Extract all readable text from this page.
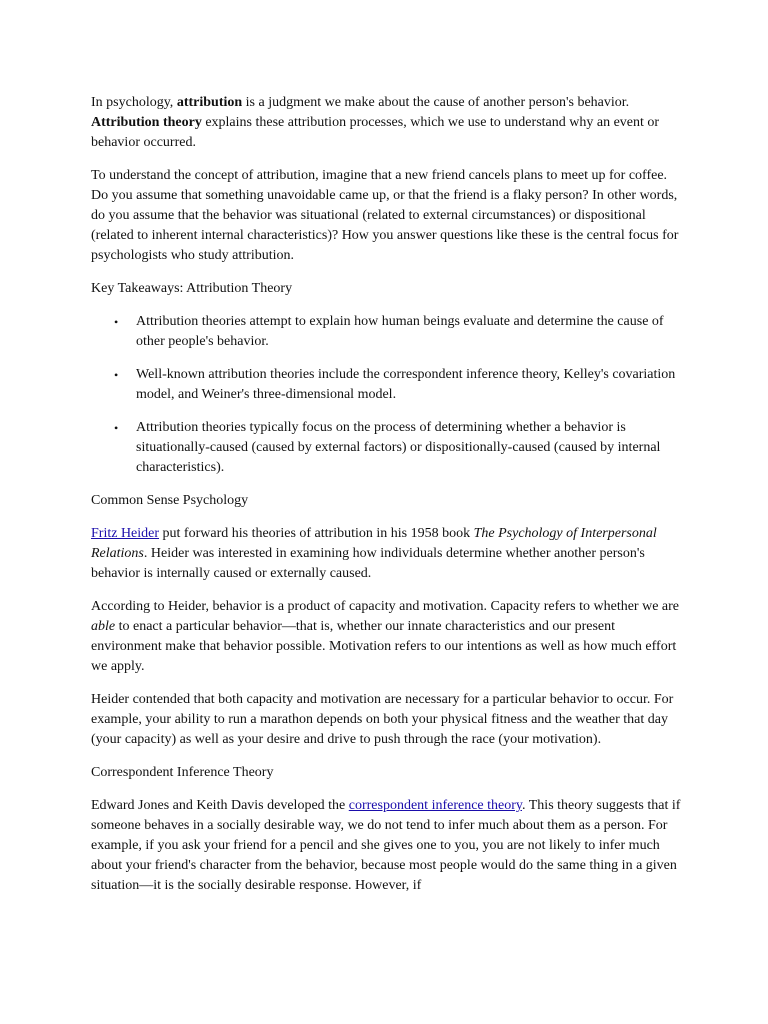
In psychology, attribution is a judgment we make about the cause of another person's behavior. Attribution theory explains these attribution processes, which we use to understand why an event or behavior occurred.

To understand the concept of attribution, imagine that a new friend cancels plans to meet up for coffee. Do you assume that something unavoidable came up, or that the friend is a flaky person? In other words, do you assume that the behavior was situational (related to external circumstances) or dispositional (related to inherent internal characteristics)? How you answer questions like these is the central focus for psychologists who study attribution.

Key Takeaways: Attribution Theory

• Attribution theories attempt to explain how human beings evaluate and determine the cause of other people's behavior.
• Well-known attribution theories include the correspondent inference theory, Kelley's covariation model, and Weiner's three-dimensional model.
• Attribution theories typically focus on the process of determining whether a behavior is situationally-caused (caused by external factors) or dispositionally-caused (caused by internal characteristics).

Common Sense Psychology

Fritz Heider put forward his theories of attribution in his 1958 book The Psychology of Interpersonal Relations. Heider was interested in examining how individuals determine whether another person's behavior is internally caused or externally caused.

According to Heider, behavior is a product of capacity and motivation. Capacity refers to whether we are able to enact a particular behavior—that is, whether our innate characteristics and our present environment make that behavior possible. Motivation refers to our intentions as well as how much effort we apply.

Heider contended that both capacity and motivation are necessary for a particular behavior to occur. For example, your ability to run a marathon depends on both your physical fitness and the weather that day (your capacity) as well as your desire and drive to push through the race (your motivation).

Correspondent Inference Theory

Edward Jones and Keith Davis developed the correspondent inference theory. This theory suggests that if someone behaves in a socially desirable way, we do not tend to infer much about them as a person. For example, if you ask your friend for a pencil and she gives one to you, you are not likely to infer much about your friend's character from the behavior, because most people would do the same thing in a given situation—it is the socially desirable response. However, if
